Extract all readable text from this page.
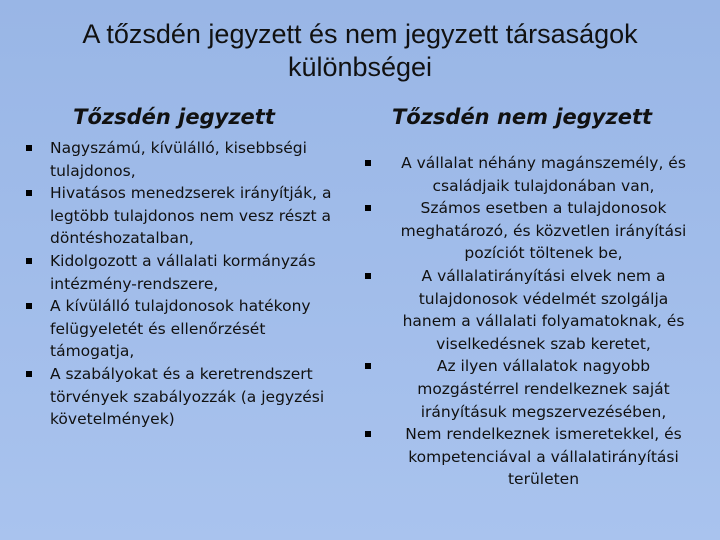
A tőzsdén jegyzett és nem jegyzett társaságok
különbségei
Tőzsdén jegyzett	Tőzsdén nem jegyzett
Nagyszámú, kívülálló, kisebbségi tulajdonos,
Hivatásos menedzserek irányítják, a legtöbb tulajdonos nem vesz részt a döntéshozatalban,
Kidolgozott a vállalati kormányzás intézmény-rendszere,
A kívülálló tulajdonosok hatékony felügyeletét és ellenőrzését támogatja,
A szabályokat és a keretrendszert törvények szabályozzák (a jegyzési követelmények)
A vállalat néhány magánszemély, és családjaik tulajdonában van,
Számos esetben a tulajdonosok meghatározó, és közvetlen irányítási pozíciót töltenek be,
A vállalatirányítási elvek nem a tulajdonosok védelmét szolgálja hanem a vállalati folyamatoknak, és viselkedésnek szab keretet,
Az ilyen vállalatok nagyobb mozgástérrel rendelkeznek saját irányításuk megszervezésében,
Nem rendelkeznek ismeretekkel, és kompetenciával a vállalatirányítási területen
